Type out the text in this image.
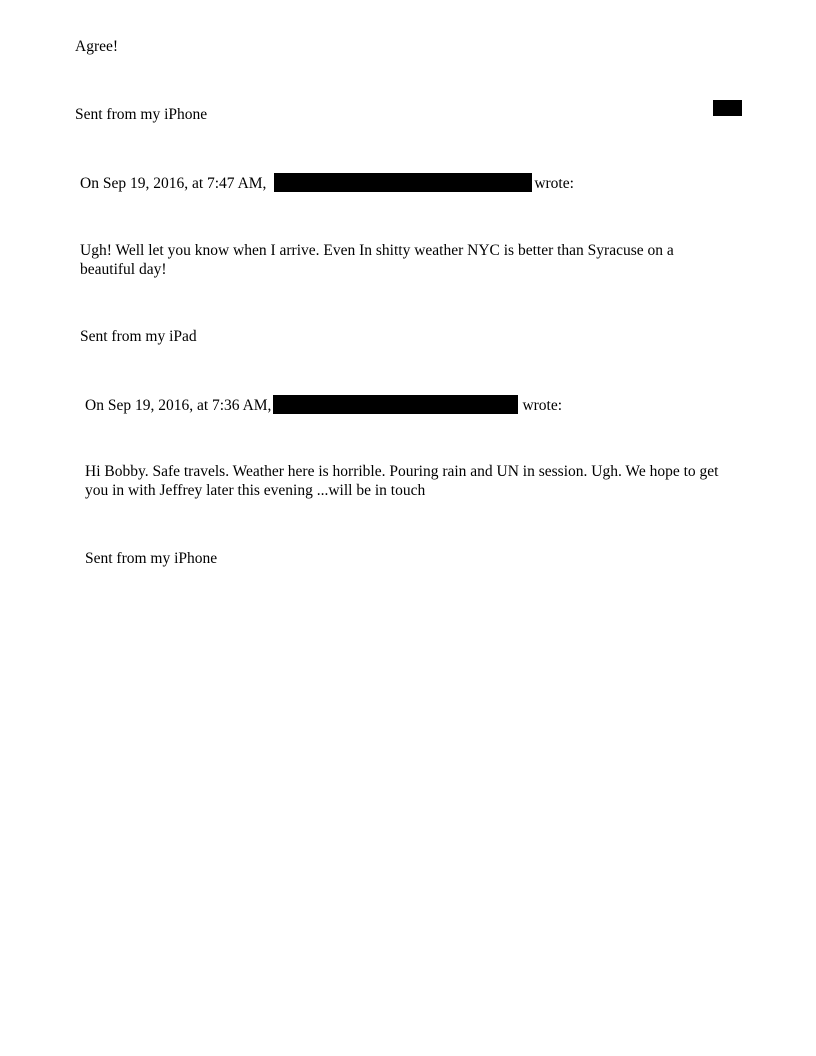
Agree!
Sent from my iPhone
On Sep 19, 2016, at 7:47 AM,	wrote:
Ugh! Well let you know when I arrive. Even In shitty weather NYC is better than Syracuse on a beautiful day!
Sent from my iPad
On Sep 19, 2016, at 7:36 AM,	wrote:
Hi Bobby. Safe travels. Weather here is horrible. Pouring rain and UN in session. Ugh. We hope to get you in with Jeffrey later this evening ...will be in touch
Sent from my iPhone
